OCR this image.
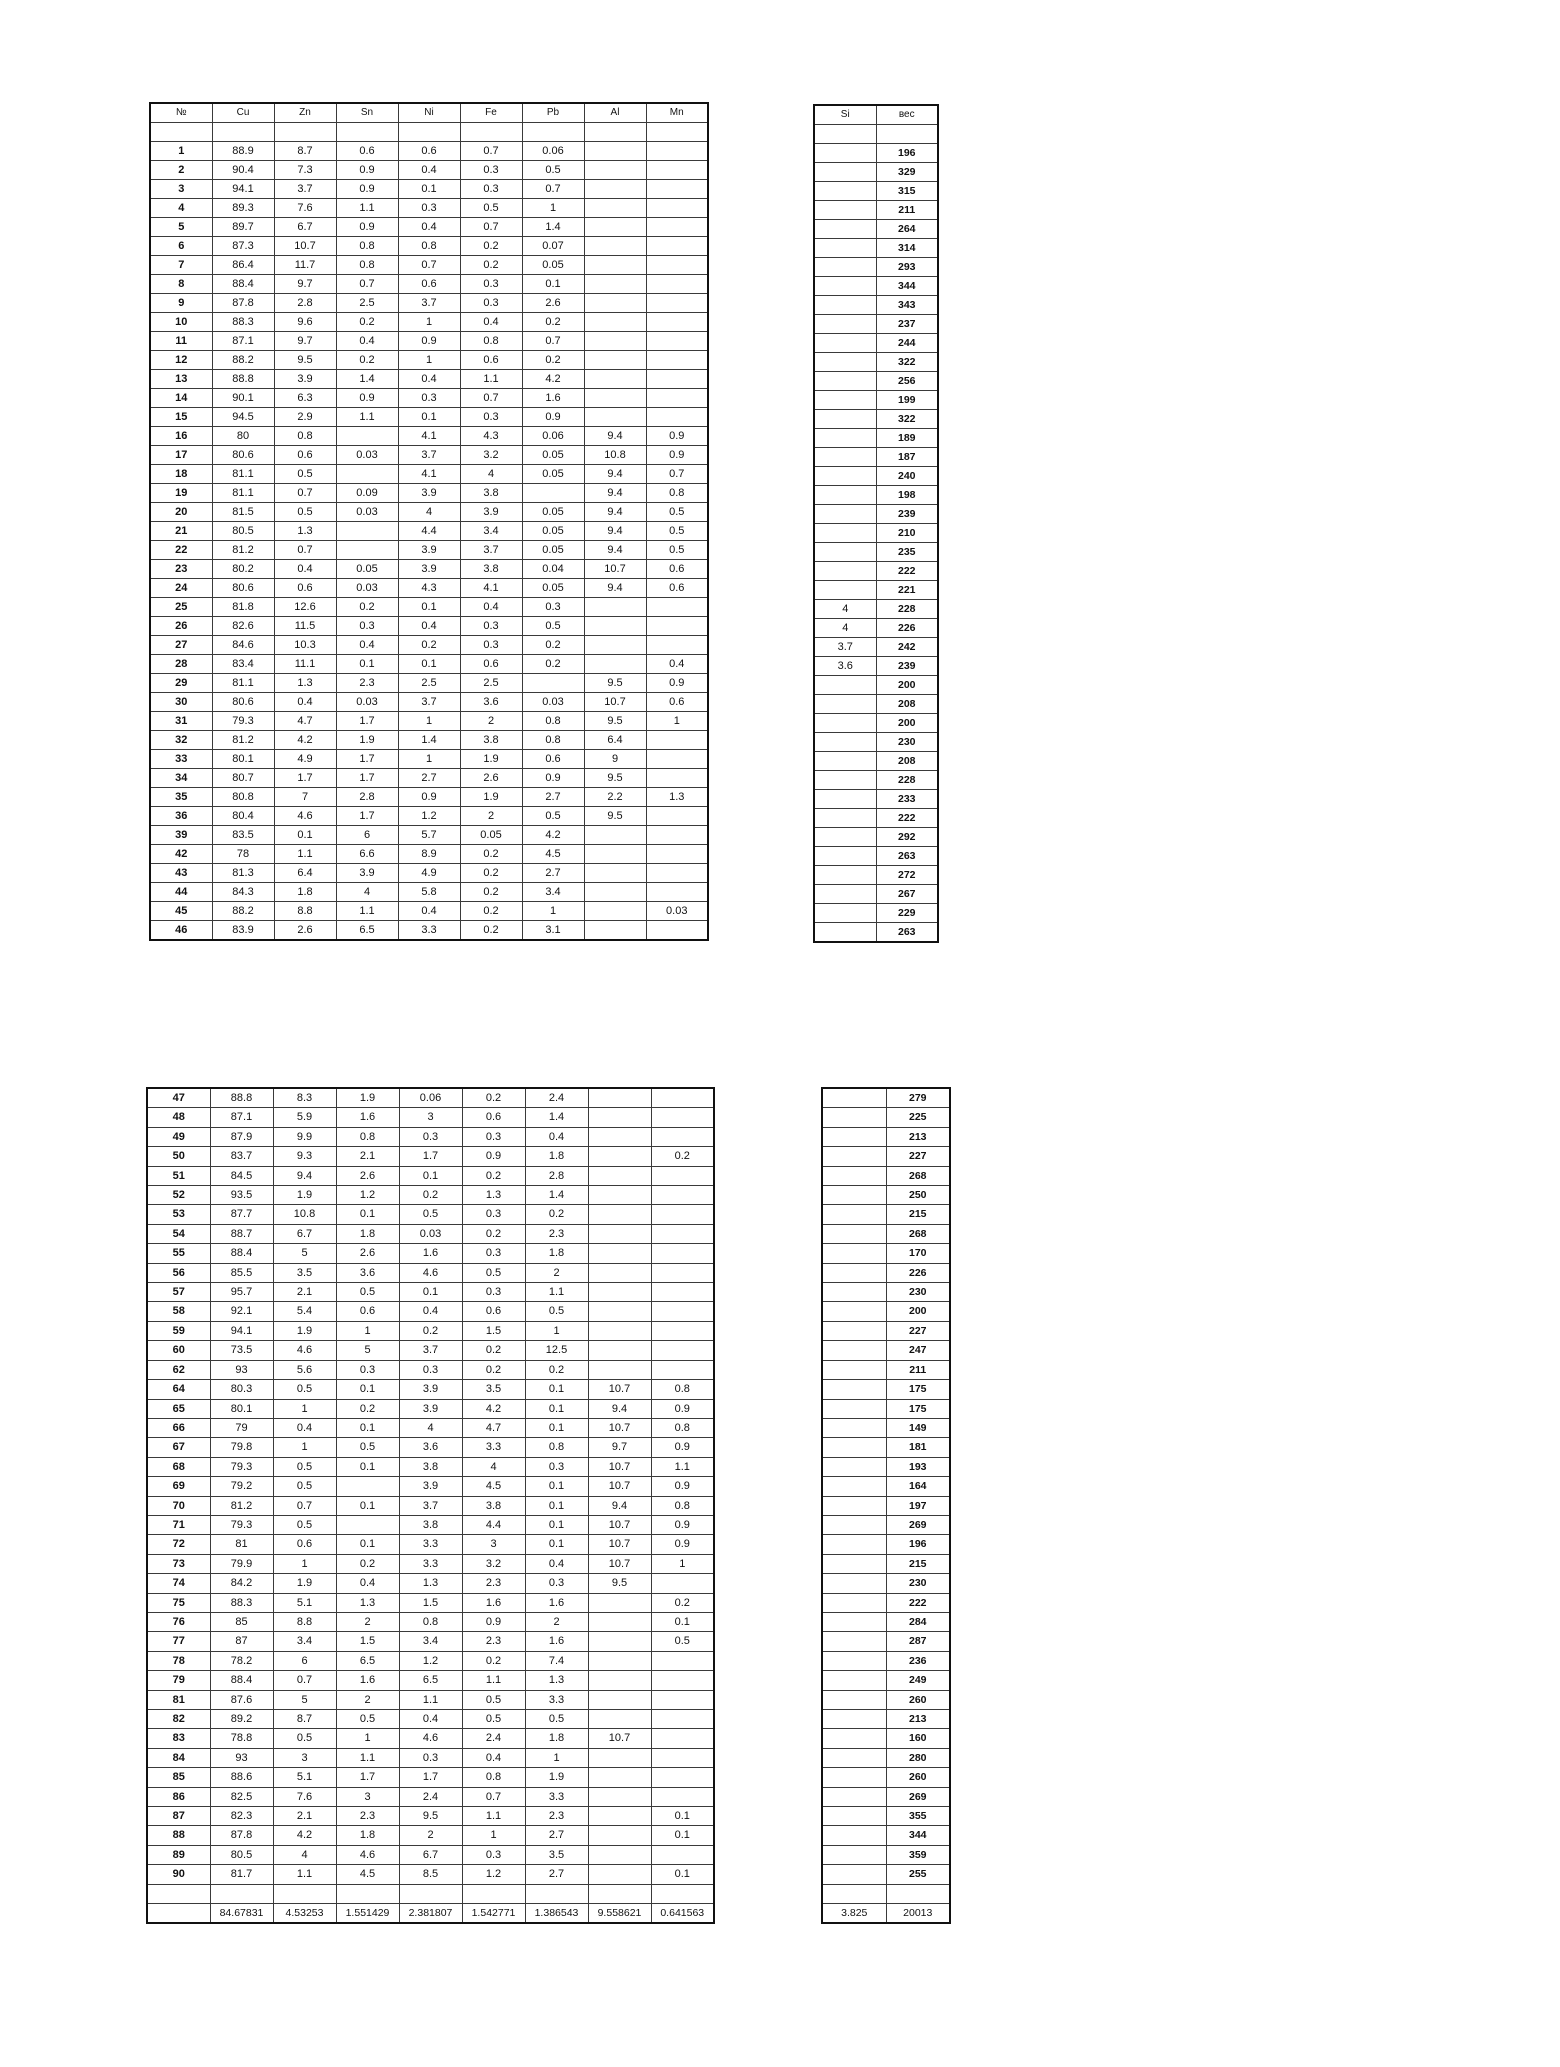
№	Cu	Zn	Sn	Ni	Fe	Pb	Al	Mn

1	88.9	8.7	0.6	0.6	0.7	0.06		
2	90.4	7.3	0.9	0.4	0.3	0.5		
3	94.1	3.7	0.9	0.1	0.3	0.7		
4	89.3	7.6	1.1	0.3	0.5	1		
5	89.7	6.7	0.9	0.4	0.7	1.4		
6	87.3	10.7	0.8	0.8	0.2	0.07		
7	86.4	11.7	0.8	0.7	0.2	0.05		
8	88.4	9.7	0.7	0.6	0.3	0.1		
9	87.8	2.8	2.5	3.7	0.3	2.6		
10	88.3	9.6	0.2	1	0.4	0.2		
11	87.1	9.7	0.4	0.9	0.8	0.7		
12	88.2	9.5	0.2	1	0.6	0.2		
13	88.8	3.9	1.4	0.4	1.1	4.2		
14	90.1	6.3	0.9	0.3	0.7	1.6		
15	94.5	2.9	1.1	0.1	0.3	0.9		
16	80	0.8		4.1	4.3	0.06	9.4	0.9
17	80.6	0.6	0.03	3.7	3.2	0.05	10.8	0.9
18	81.1	0.5		4.1	4	0.05	9.4	0.7
19	81.1	0.7	0.09	3.9	3.8		9.4	0.8
20	81.5	0.5	0.03	4	3.9	0.05	9.4	0.5
21	80.5	1.3		4.4	3.4	0.05	9.4	0.5
22	81.2	0.7		3.9	3.7	0.05	9.4	0.5
23	80.2	0.4	0.05	3.9	3.8	0.04	10.7	0.6
24	80.6	0.6	0.03	4.3	4.1	0.05	9.4	0.6
25	81.8	12.6	0.2	0.1	0.4	0.3		
26	82.6	11.5	0.3	0.4	0.3	0.5		
27	84.6	10.3	0.4	0.2	0.3	0.2		
28	83.4	11.1	0.1	0.1	0.6	0.2		0.4
29	81.1	1.3	2.3	2.5	2.5		9.5	0.9
30	80.6	0.4	0.03	3.7	3.6	0.03	10.7	0.6
31	79.3	4.7	1.7	1	2	0.8	9.5	1
32	81.2	4.2	1.9	1.4	3.8	0.8	6.4	
33	80.1	4.9	1.7	1	1.9	0.6	9	
34	80.7	1.7	1.7	2.7	2.6	0.9	9.5	
35	80.8	7	2.8	0.9	1.9	2.7	2.2	1.3
36	80.4	4.6	1.7	1.2	2	0.5	9.5	
39	83.5	0.1	6	5.7	0.05	4.2		
42	78	1.1	6.6	8.9	0.2	4.5		
43	81.3	6.4	3.9	4.9	0.2	2.7		
44	84.3	1.8	4	5.8	0.2	3.4		
45	88.2	8.8	1.1	0.4	0.2	1		0.03
46	83.9	2.6	6.5	3.3	0.2	3.1		
Si	вес

	196
	329
	315
	211
	264
	314
	293
	344
	343
	237
	244
	322
	256
	199
	322
	189
	187
	240
	198
	239
	210
	235
	222
	221
4	228
4	226
3.7	242
3.6	239
	200
	208
	200
	230
	208
	228
	233
	222
	292
	263
	272
	267
	229
	263
47	88.8	8.3	1.9	0.06	0.2	2.4		
48	87.1	5.9	1.6	3	0.6	1.4		
49	87.9	9.9	0.8	0.3	0.3	0.4		
50	83.7	9.3	2.1	1.7	0.9	1.8		0.2
51	84.5	9.4	2.6	0.1	0.2	2.8		
52	93.5	1.9	1.2	0.2	1.3	1.4		
53	87.7	10.8	0.1	0.5	0.3	0.2		
54	88.7	6.7	1.8	0.03	0.2	2.3		
55	88.4	5	2.6	1.6	0.3	1.8		
56	85.5	3.5	3.6	4.6	0.5	2		
57	95.7	2.1	0.5	0.1	0.3	1.1		
58	92.1	5.4	0.6	0.4	0.6	0.5		
59	94.1	1.9	1	0.2	1.5	1		
60	73.5	4.6	5	3.7	0.2	12.5		
62	93	5.6	0.3	0.3	0.2	0.2		
64	80.3	0.5	0.1	3.9	3.5	0.1	10.7	0.8
65	80.1	1	0.2	3.9	4.2	0.1	9.4	0.9
66	79	0.4	0.1	4	4.7	0.1	10.7	0.8
67	79.8	1	0.5	3.6	3.3	0.8	9.7	0.9
68	79.3	0.5	0.1	3.8	4	0.3	10.7	1.1
69	79.2	0.5		3.9	4.5	0.1	10.7	0.9
70	81.2	0.7	0.1	3.7	3.8	0.1	9.4	0.8
71	79.3	0.5		3.8	4.4	0.1	10.7	0.9
72	81	0.6	0.1	3.3	3	0.1	10.7	0.9
73	79.9	1	0.2	3.3	3.2	0.4	10.7	1
74	84.2	1.9	0.4	1.3	2.3	0.3	9.5	
75	88.3	5.1	1.3	1.5	1.6	1.6		0.2
76	85	8.8	2	0.8	0.9	2		0.1
77	87	3.4	1.5	3.4	2.3	1.6		0.5
78	78.2	6	6.5	1.2	0.2	7.4		
79	88.4	0.7	1.6	6.5	1.1	1.3		
81	87.6	5	2	1.1	0.5	3.3		
82	89.2	8.7	0.5	0.4	0.5	0.5		
83	78.8	0.5	1	4.6	2.4	1.8	10.7	
84	93	3	1.1	0.3	0.4	1		
85	88.6	5.1	1.7	1.7	0.8	1.9		
86	82.5	7.6	3	2.4	0.7	3.3		
87	82.3	2.1	2.3	9.5	1.1	2.3		0.1
88	87.8	4.2	1.8	2	1	2.7		0.1
89	80.5	4	4.6	6.7	0.3	3.5		
90	81.7	1.1	4.5	8.5	1.2	2.7		0.1

	84.67831	4.53253	1.551429	2.381807	1.542771	1.386543	9.558621	0.641563
	279
	225
	213
	227
	268
	250
	215
	268
	170
	226
	230
	200
	227
	247
	211
	175
	175
	149
	181
	193
	164
	197
	269
	196
	215
	230
	222
	284
	287
	236
	249
	260
	213
	160
	280
	260
	269
	355
	344
	359
	255

3.825	20013
